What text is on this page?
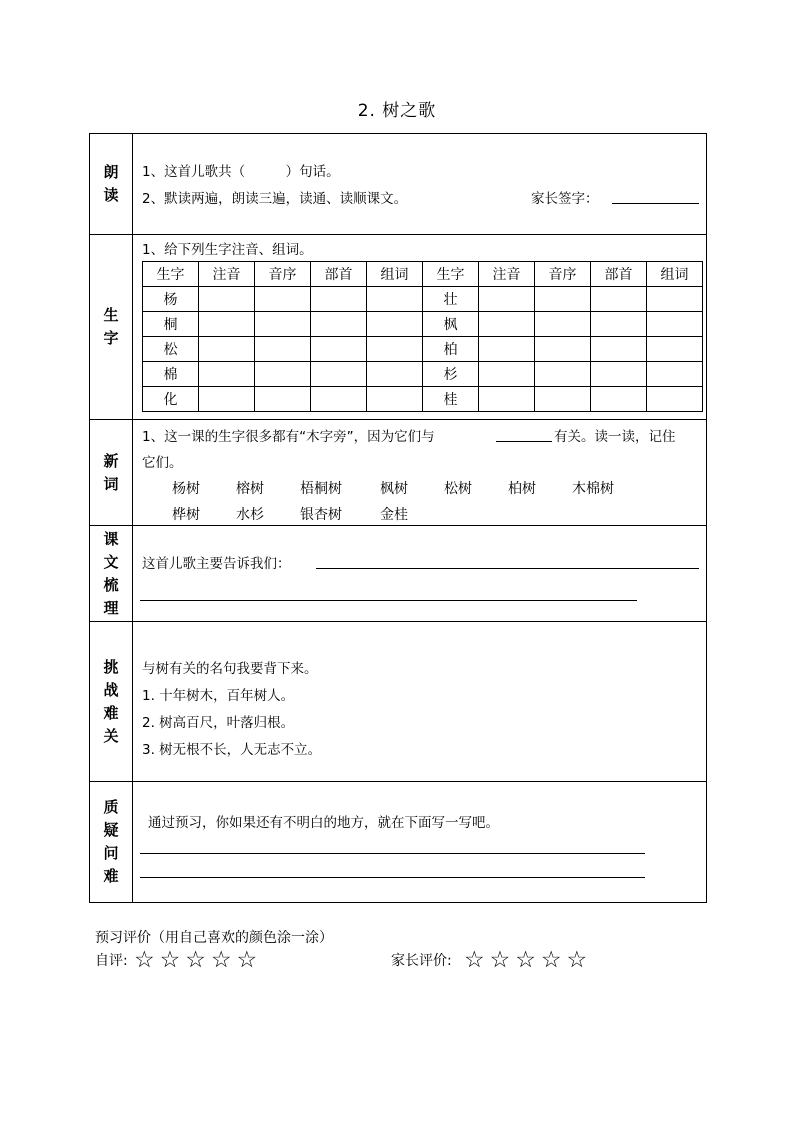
2. 树之歌
朗读
1、这首儿歌共（　　　）句话。
2、默读两遍，朗读三遍，读通、读顺课文。	家长签字：
生字
1、给下列生字注音、组词。
生字	注音	音序	部首	组词	生字	注音	音序	部首	组词
杨					壮				
桐					枫				
松					柏				
棉					杉				
化					桂				
新词
1、这一课的生字很多都有“木字旁”，因为它们与	有关。读一读，记住
它们。
杨树	榕树	梧桐树	枫树	松树	柏树	木棉树
桦树	水杉	银杏树	金桂
课文梳理
这首儿歌主要告诉我们：
挑战难关
与树有关的名句我要背下来。
1. 十年树木，百年树人。
2. 树高百尺，叶落归根。
3. 树无根不长，人无志不立。
质疑问难
通过预习，你如果还有不明白的地方，就在下面写一写吧。
预习评价（用自己喜欢的颜色涂一涂）
自评: ☆☆☆☆☆	家长评价: ☆☆☆☆☆
